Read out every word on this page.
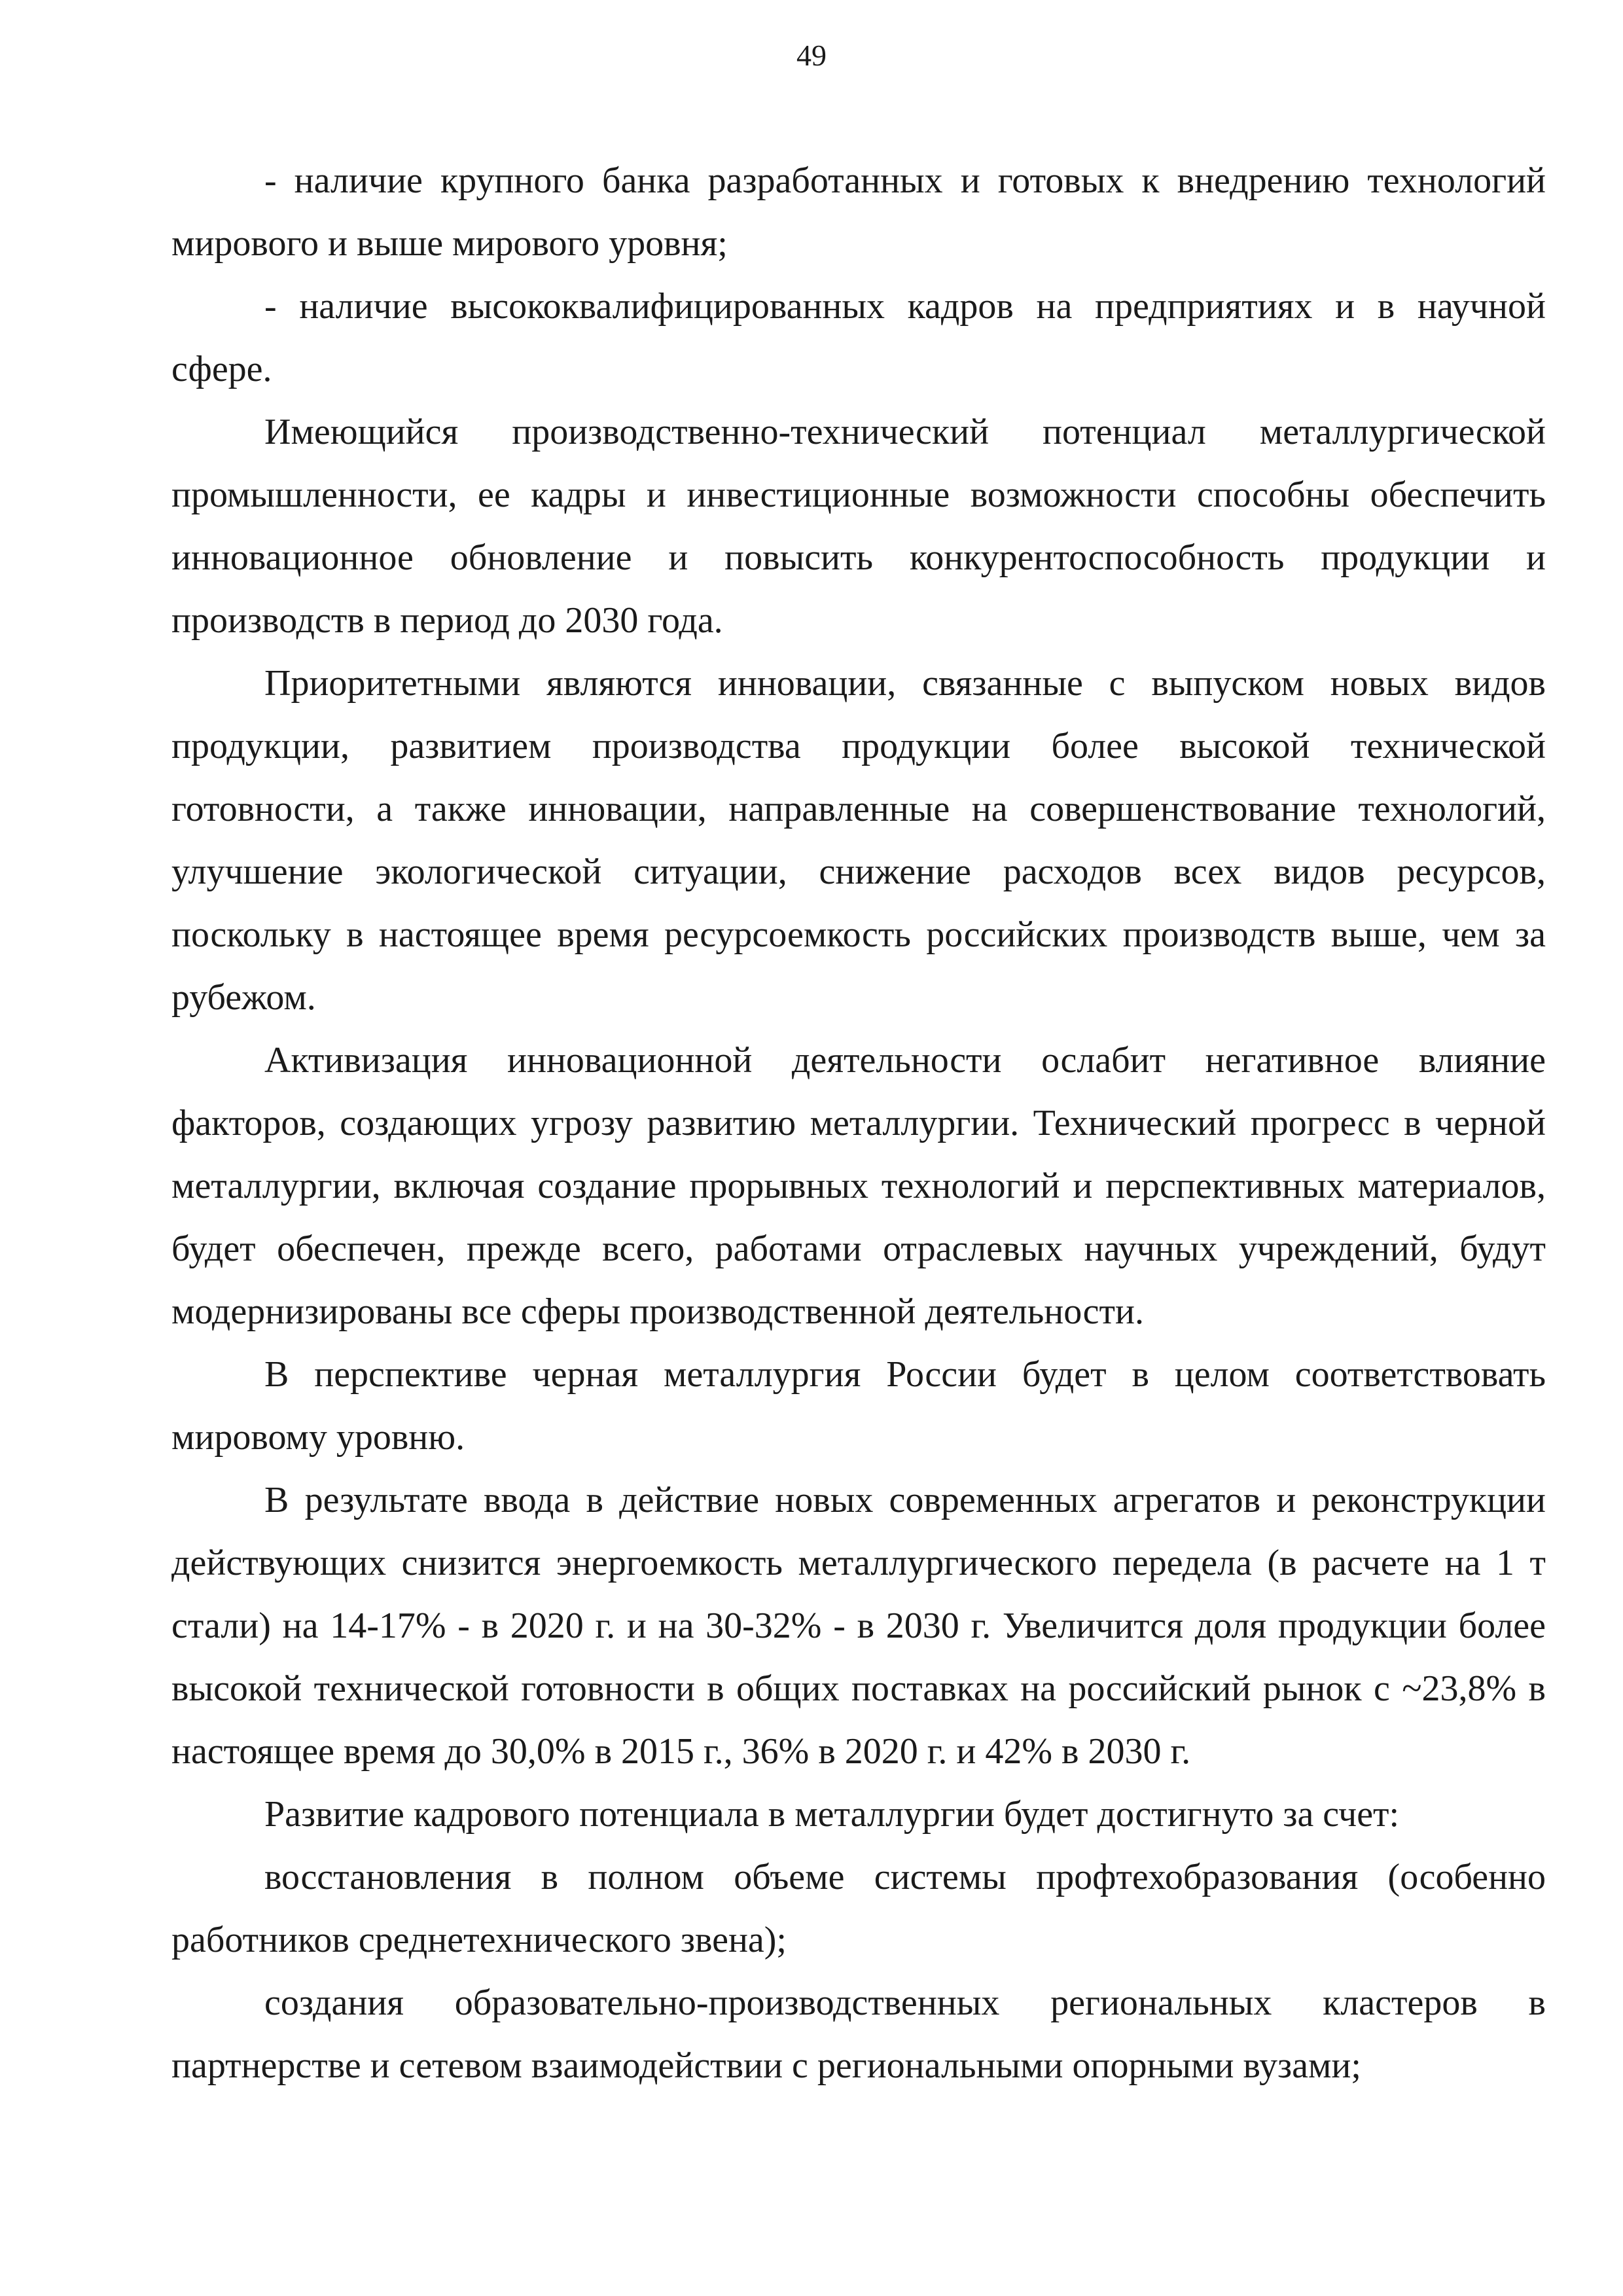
49

- наличие крупного банка разработанных и готовых к внедрению технологий мирового и выше мирового уровня;

- наличие высококвалифицированных кадров на предприятиях и в научной сфере.

Имеющийся производственно-технический потенциал металлургической промышленности, ее кадры и инвестиционные возможности способны обеспечить инновационное обновление и повысить конкурентоспособность продукции и производств в период до 2030 года.

Приоритетными являются инновации, связанные с выпуском новых видов продукции, развитием производства продукции более высокой технической готовности, а также инновации, направленные на совершенствование технологий, улучшение экологической ситуации, снижение расходов всех видов ресурсов, поскольку в настоящее время ресурсоемкость российских производств выше, чем за рубежом.

Активизация инновационной деятельности ослабит негативное влияние факторов, создающих угрозу развитию металлургии. Технический прогресс в черной металлургии, включая создание прорывных технологий и перспективных материалов, будет обеспечен, прежде всего, работами отраслевых научных учреждений, будут модернизированы все сферы производственной деятельности.

В перспективе черная металлургия России будет в целом соответствовать мировому уровню.

В результате ввода в действие новых современных агрегатов и реконструкции действующих снизится энергоемкость металлургического передела (в расчете на 1 т стали) на 14-17% - в 2020 г. и на 30-32% - в 2030 г. Увеличится доля продукции более высокой технической готовности в общих поставках на российский рынок с ~23,8% в настоящее время до 30,0% в 2015 г., 36% в 2020 г. и 42% в 2030 г.

Развитие кадрового потенциала в металлургии будет достигнуто за счет:

восстановления в полном объеме системы профтехобразования (особенно работников среднетехнического звена);

создания образовательно-производственных региональных кластеров в партнерстве и сетевом взаимодействии с региональными опорными вузами;
